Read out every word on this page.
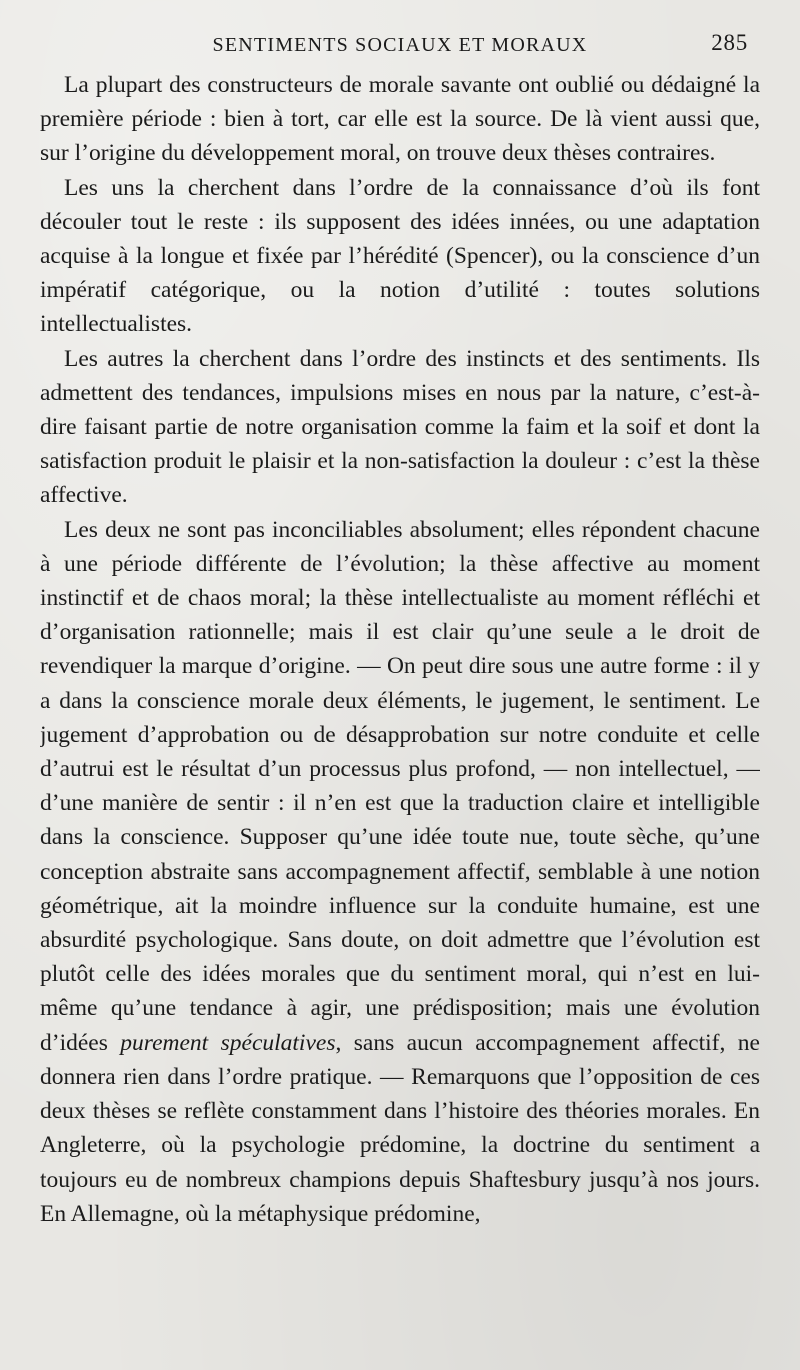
SENTIMENTS SOCIAUX ET MORAUX	285

La plupart des constructeurs de morale savante ont oublié ou dédaigné la première période : bien à tort, car elle est la source. De là vient aussi que, sur l’origine du développement moral, on trouve deux thèses contraires.

Les uns la cherchent dans l’ordre de la connaissance d’où ils font découler tout le reste : ils supposent des idées innées, ou une adaptation acquise à la longue et fixée par l’hérédité (Spencer), ou la conscience d’un impératif catégorique, ou la notion d’utilité : toutes solutions intellectualistes.

Les autres la cherchent dans l’ordre des instincts et des sentiments. Ils admettent des tendances, impulsions mises en nous par la nature, c’est-à-dire faisant partie de notre organisation comme la faim et la soif et dont la satisfaction produit le plaisir et la non-satisfaction la douleur : c’est la thèse affective.

Les deux ne sont pas inconciliables absolument; elles répondent chacune à une période différente de l’évolution; la thèse affective au moment instinctif et de chaos moral; la thèse intellectualiste au moment réfléchi et d’organisation rationnelle; mais il est clair qu’une seule a le droit de revendiquer la marque d’origine. — On peut dire sous une autre forme : il y a dans la conscience morale deux éléments, le jugement, le sentiment. Le jugement d’approbation ou de désapprobation sur notre conduite et celle d’autrui est le résultat d’un processus plus profond, — non intellectuel, — d’une manière de sentir : il n’en est que la traduction claire et intelligible dans la conscience. Supposer qu’une idée toute nue, toute sèche, qu’une conception abstraite sans accompagnement affectif, semblable à une notion géométrique, ait la moindre influence sur la conduite humaine, est une absurdité psychologique. Sans doute, on doit admettre que l’évolution est plutôt celle des idées morales que du sentiment moral, qui n’est en lui-même qu’une tendance à agir, une prédisposition; mais une évolution d’idées purement spéculatives, sans aucun accompagnement affectif, ne donnera rien dans l’ordre pratique. — Remarquons que l’opposition de ces deux thèses se reflète constamment dans l’histoire des théories morales. En Angleterre, où la psychologie prédomine, la doctrine du sentiment a toujours eu de nombreux champions depuis Shaftesbury jusqu’à nos jours. En Allemagne, où la métaphysique prédomine,
